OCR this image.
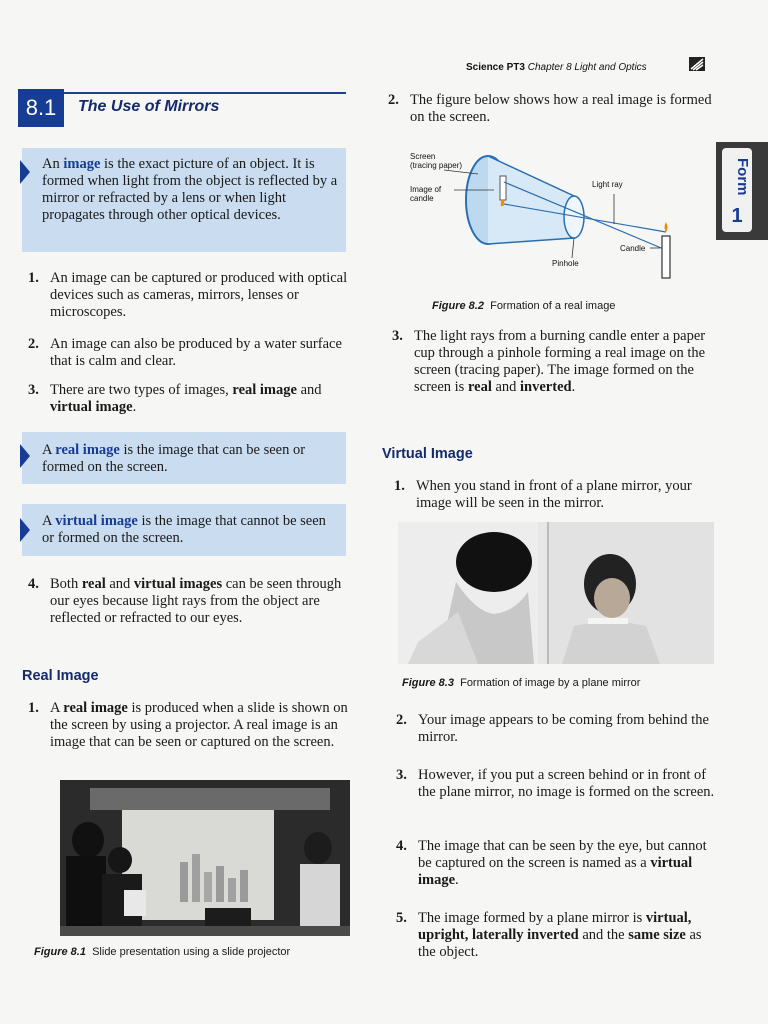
Science PT3 Chapter 8 Light and Optics
Form
1
8.1	The Use of Mirrors
An image is the exact picture of an object. It is formed when light from the object is reflected by a mirror or refracted by a lens or when light propagates through other optical devices.
1. An image can be captured or produced with optical devices such as cameras, mirrors, lenses or microscopes.
2. An image can also be produced by a water surface that is calm and clear.
3. There are two types of images, real image and virtual image.
A real image is the image that can be seen or formed on the screen.
A virtual image is the image that cannot be seen or formed on the screen.
4. Both real and virtual images can be seen through our eyes because light rays from the object are reflected or refracted to our eyes.
Real Image
1. A real image is produced when a slide is shown on the screen by using a projector. A real image is an image that can be seen or captured on the screen.
Figure 8.1 Slide presentation using a slide projector
2. The figure below shows how a real image is formed on the screen.
Screen
(tracing paper)
Image of
candle
Light ray
Candle
Pinhole
Figure 8.2 Formation of a real image
3. The light rays from a burning candle enter a paper cup through a pinhole forming a real image on the screen (tracing paper). The image formed on the screen is real and inverted.
Virtual Image
1. When you stand in front of a plane mirror, your image will be seen in the mirror.
Figure 8.3 Formation of image by a plane mirror
2. Your image appears to be coming from behind the mirror.
3. However, if you put a screen behind or in front of the plane mirror, no image is formed on the screen.
4. The image that can be seen by the eye, but cannot be captured on the screen is named as a virtual image.
5. The image formed by a plane mirror is virtual, upright, laterally inverted and the same size as the object.
